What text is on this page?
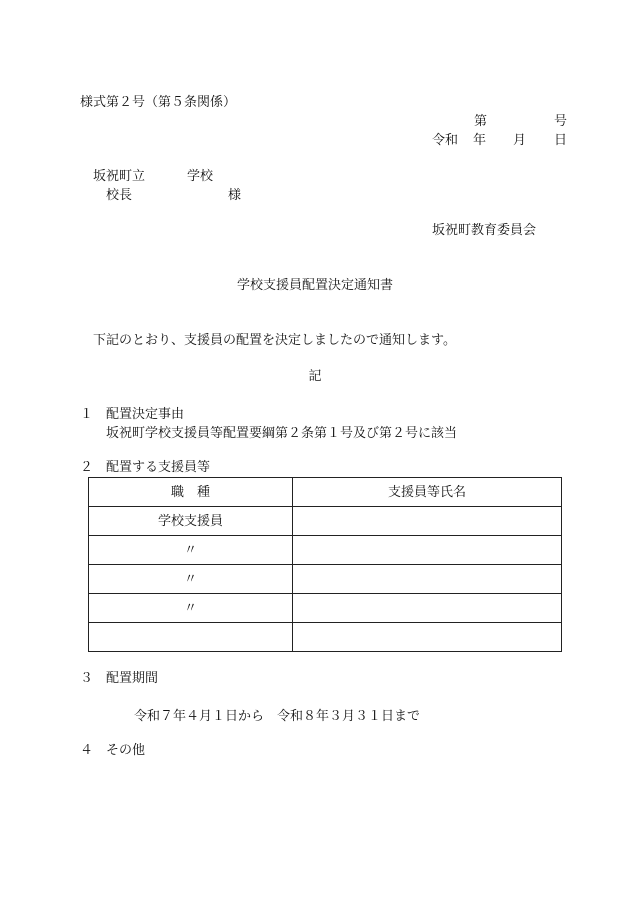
様式第２号（第５条関係）
第	号
令和 年 月 日
坂祝町立	学校
校長	様
坂祝町教育委員会
学校支援員配置決定通知書
下記のとおり、支援員の配置を決定しましたので通知します。
記
１ 配置決定事由
坂祝町学校支援員等配置要綱第２条第１号及び第２号に該当
２ 配置する支援員等
職　種	支援員等氏名
学校支援員	
〃	
〃	
〃	

３ 配置期間
令和７年４月１日から　令和８年３月３１日まで
４ その他
